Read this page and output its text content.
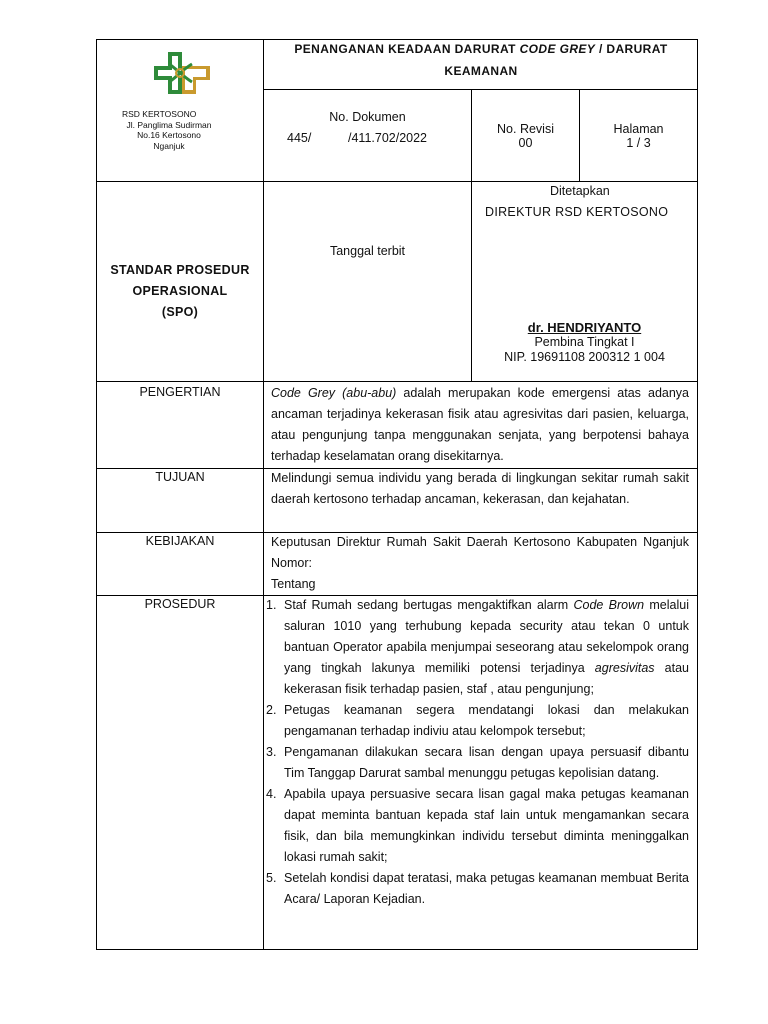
RSD KERTOSONO
Jl. Panglima Sudirman
No.16 Kertosono
Nganjuk
PENANGANAN KEADAAN DARURAT CODE GREY / DARURAT KEAMANAN
No. Dokumen
445/	/411.702/2022
No. Revisi
00
Halaman
1 / 3
STANDAR PROSEDUR
OPERASIONAL
(SPO)
Tanggal terbit
Ditetapkan
DIREKTUR RSD KERTOSONO
dr. HENDRIYANTO
Pembina Tingkat I
NIP. 19691108 200312 1 004
PENGERTIAN	Code Grey (abu-abu) adalah merupakan kode emergensi atas adanya ancaman terjadinya kekerasan fisik atau agresivitas dari pasien, keluarga, atau pengunjung tanpa menggunakan senjata, yang berpotensi bahaya terhadap keselamatan orang disekitarnya.
TUJUAN	Melindungi semua individu yang berada di lingkungan sekitar rumah sakit daerah kertosono terhadap ancaman, kekerasan, dan kejahatan.
KEBIJAKAN	Keputusan Direktur Rumah Sakit Daerah Kertosono Kabupaten Nganjuk Nomor:
Tentang
PROSEDUR	1. Staf Rumah sedang bertugas mengaktifkan alarm Code Brown melalui saluran 1010 yang terhubung kepada security atau tekan 0 untuk bantuan Operator apabila menjumpai seseorang atau sekelompok orang yang tingkah lakunya memiliki potensi terjadinya agresivitas atau kekerasan fisik terhadap pasien, staf , atau pengunjung;
2. Petugas keamanan segera mendatangi lokasi dan melakukan pengamanan terhadap indiviu atau kelompok tersebut;
3. Pengamanan dilakukan secara lisan dengan upaya persuasif dibantu Tim Tanggap Darurat sambal menunggu petugas kepolisian datang.
4. Apabila upaya persuasive secara lisan gagal maka petugas keamanan dapat meminta bantuan kepada staf lain untuk mengamankan secara fisik, dan bila memungkinkan individu tersebut diminta meninggalkan lokasi rumah sakit;
5. Setelah kondisi dapat teratasi, maka petugas keamanan membuat Berita Acara/ Laporan Kejadian.
